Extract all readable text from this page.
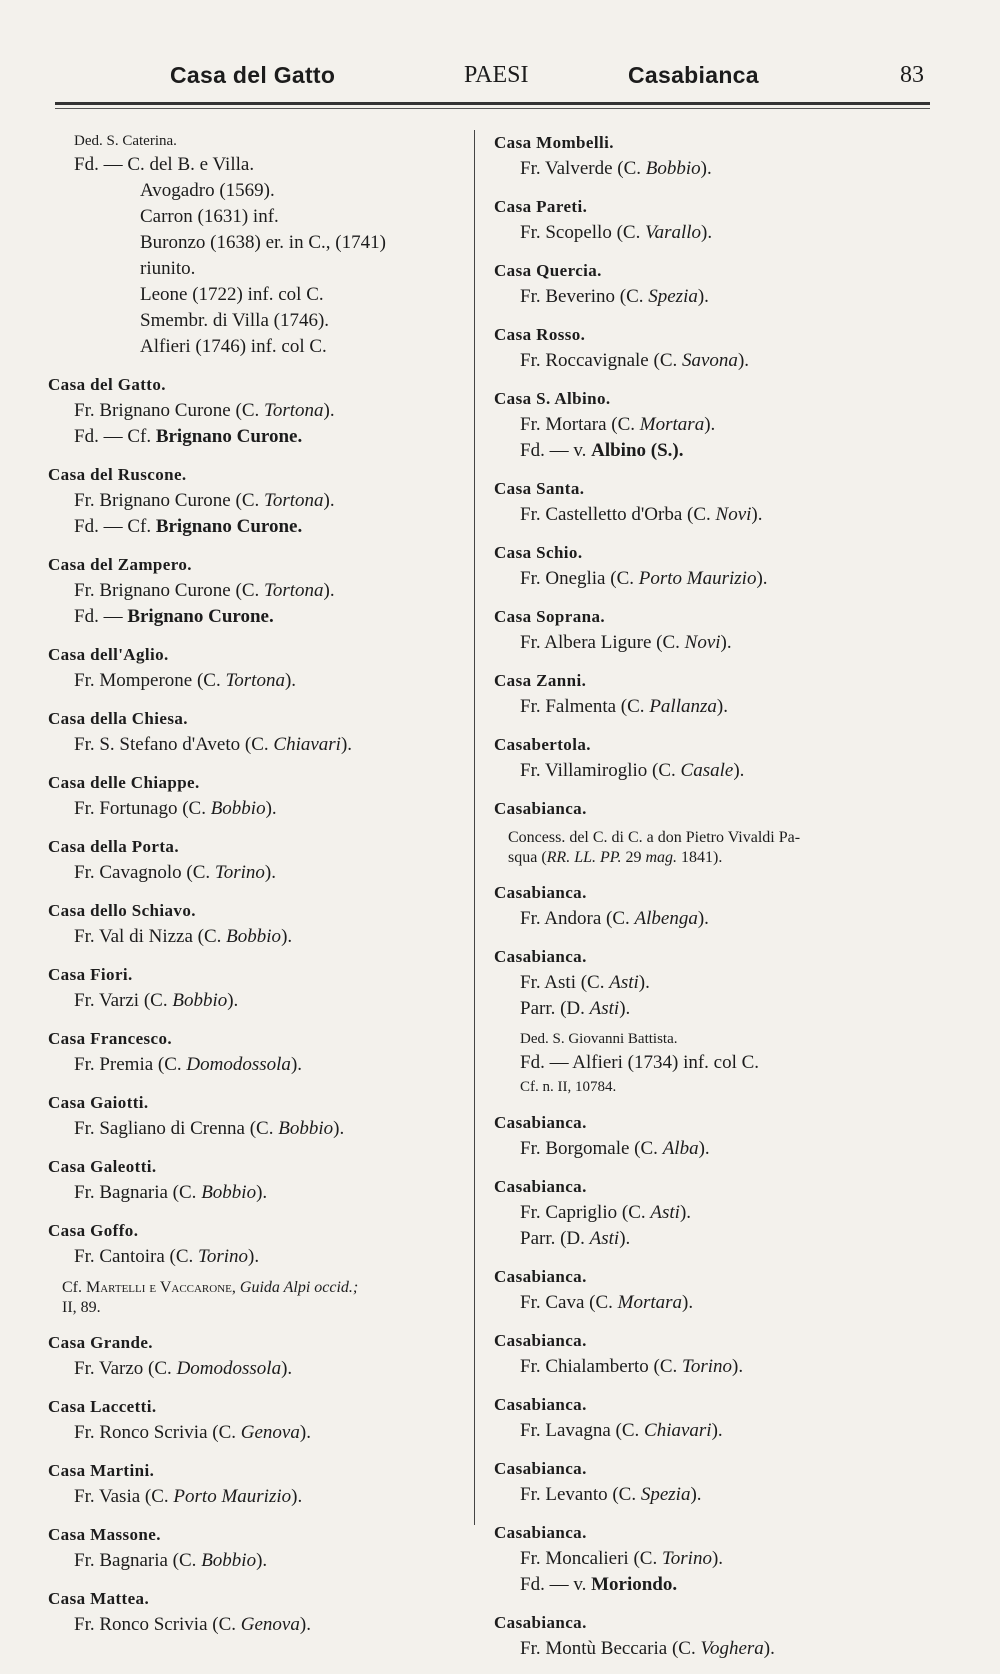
Casa del Gatto	PAESI	Casabianca	83
Ded. S. Caterina.
Fd. — C. del B. e Villa.
Avogadro (1569).
Carron (1631) inf.
Buronzo (1638) er. in C., (1741)
riunito.
Leone (1722) inf. col C.
Smembr. di Villa (1746).
Alfieri (1746) inf. col C.
Casa del Gatto.
Fr. Brignano Curone (C. Tortona).
Fd. — Cf. Brignano Curone.
Casa del Ruscone.
Fr. Brignano Curone (C. Tortona).
Fd. — Cf. Brignano Curone.
Casa del Zampero.
Fr. Brignano Curone (C. Tortona).
Fd. — Brignano Curone.
Casa dell'Aglio.
Fr. Momperone (C. Tortona).
Casa della Chiesa.
Fr. S. Stefano d'Aveto (C. Chiavari).
Casa delle Chiappe.
Fr. Fortunago (C. Bobbio).
Casa della Porta.
Fr. Cavagnolo (C. Torino).
Casa dello Schiavo.
Fr. Val di Nizza (C. Bobbio).
Casa Fiori.
Fr. Varzi (C. Bobbio).
Casa Francesco.
Fr. Premia (C. Domodossola).
Casa Gaiotti.
Fr. Sagliano di Crenna (C. Bobbio).
Casa Galeotti.
Fr. Bagnaria (C. Bobbio).
Casa Goffo.
Fr. Cantoira (C. Torino).
Cf. Martelli e Vaccarone, Guida Alpi occid.;
II, 89.
Casa Grande.
Fr. Varzo (C. Domodossola).
Casa Laccetti.
Fr. Ronco Scrivia (C. Genova).
Casa Martini.
Fr. Vasia (C. Porto Maurizio).
Casa Massone.
Fr. Bagnaria (C. Bobbio).
Casa Mattea.
Fr. Ronco Scrivia (C. Genova).
Casa Mombelli.
Fr. Valverde (C. Bobbio).
Casa Pareti.
Fr. Scopello (C. Varallo).
Casa Quercia.
Fr. Beverino (C. Spezia).
Casa Rosso.
Fr. Roccavignale (C. Savona).
Casa S. Albino.
Fr. Mortara (C. Mortara).
Fd. — v. Albino (S.).
Casa Santa.
Fr. Castelletto d'Orba (C. Novi).
Casa Schio.
Fr. Oneglia (C. Porto Maurizio).
Casa Soprana.
Fr. Albera Ligure (C. Novi).
Casa Zanni.
Fr. Falmenta (C. Pallanza).
Casabertola.
Fr. Villamiroglio (C. Casale).
Casabianca.
Concess. del C. di C. a don Pietro Vivaldi Pa-
squa (RR. LL. PP. 29 mag. 1841).
Casabianca.
Fr. Andora (C. Albenga).
Casabianca.
Fr. Asti (C. Asti).
Parr. (D. Asti).
Ded. S. Giovanni Battista.
Fd. — Alfieri (1734) inf. col C.
Cf. n. II, 10784.
Casabianca.
Fr. Borgomale (C. Alba).
Casabianca.
Fr. Capriglio (C. Asti).
Parr. (D. Asti).
Casabianca.
Fr. Cava (C. Mortara).
Casabianca.
Fr. Chialamberto (C. Torino).
Casabianca.
Fr. Lavagna (C. Chiavari).
Casabianca.
Fr. Levanto (C. Spezia).
Casabianca.
Fr. Moncalieri (C. Torino).
Fd. — v. Moriondo.
Casabianca.
Fr. Montù Beccaria (C. Voghera).
